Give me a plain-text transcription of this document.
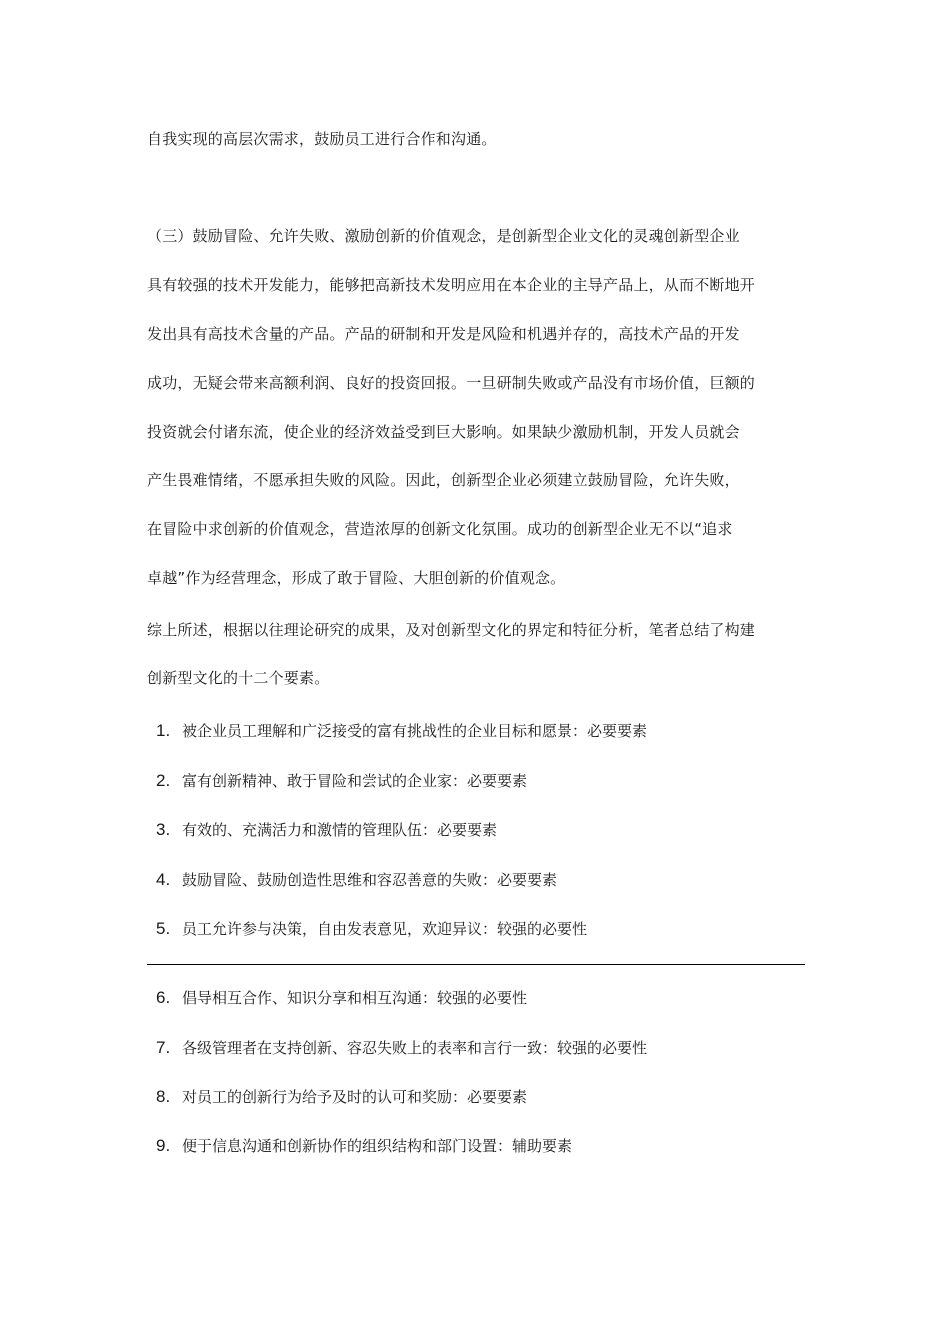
自我实现的高层次需求，鼓励员工进行合作和沟通。
（三）鼓励冒险、允许失败、激励创新的价值观念，是创新型企业文化的灵魂创新型企业
具有较强的技术开发能力，能够把高新技术发明应用在本企业的主导产品上，从而不断地开
发出具有高技术含量的产品。产品的研制和开发是风险和机遇并存的，高技术产品的开发
成功，无疑会带来高额利润、良好的投资回报。一旦研制失败或产品没有市场价值，巨额的
投资就会付诸东流，使企业的经济效益受到巨大影响。如果缺少激励机制，开发人员就会
产生畏难情绪，不愿承担失败的风险。因此，创新型企业必须建立鼓励冒险，允许失败，
在冒险中求创新的价值观念，营造浓厚的创新文化氛围。成功的创新型企业无不以“追求
卓越”作为经营理念，形成了敢于冒险、大胆创新的价值观念。
综上所述，根据以往理论研究的成果，及对创新型文化的界定和特征分析，笔者总结了构建
创新型文化的十二个要素。
1. 被企业员工理解和广泛接受的富有挑战性的企业目标和愿景：必要要素
2. 富有创新精神、敢于冒险和尝试的企业家：必要要素
3. 有效的、充满活力和激情的管理队伍：必要要素
4. 鼓励冒险、鼓励创造性思维和容忍善意的失败：必要要素
5. 员工允许参与决策，自由发表意见，欢迎异议：较强的必要性
6. 倡导相互合作、知识分享和相互沟通：较强的必要性
7. 各级管理者在支持创新、容忍失败上的表率和言行一致：较强的必要性
8. 对员工的创新行为给予及时的认可和奖励：必要要素
9. 便于信息沟通和创新协作的组织结构和部门设置：辅助要素
